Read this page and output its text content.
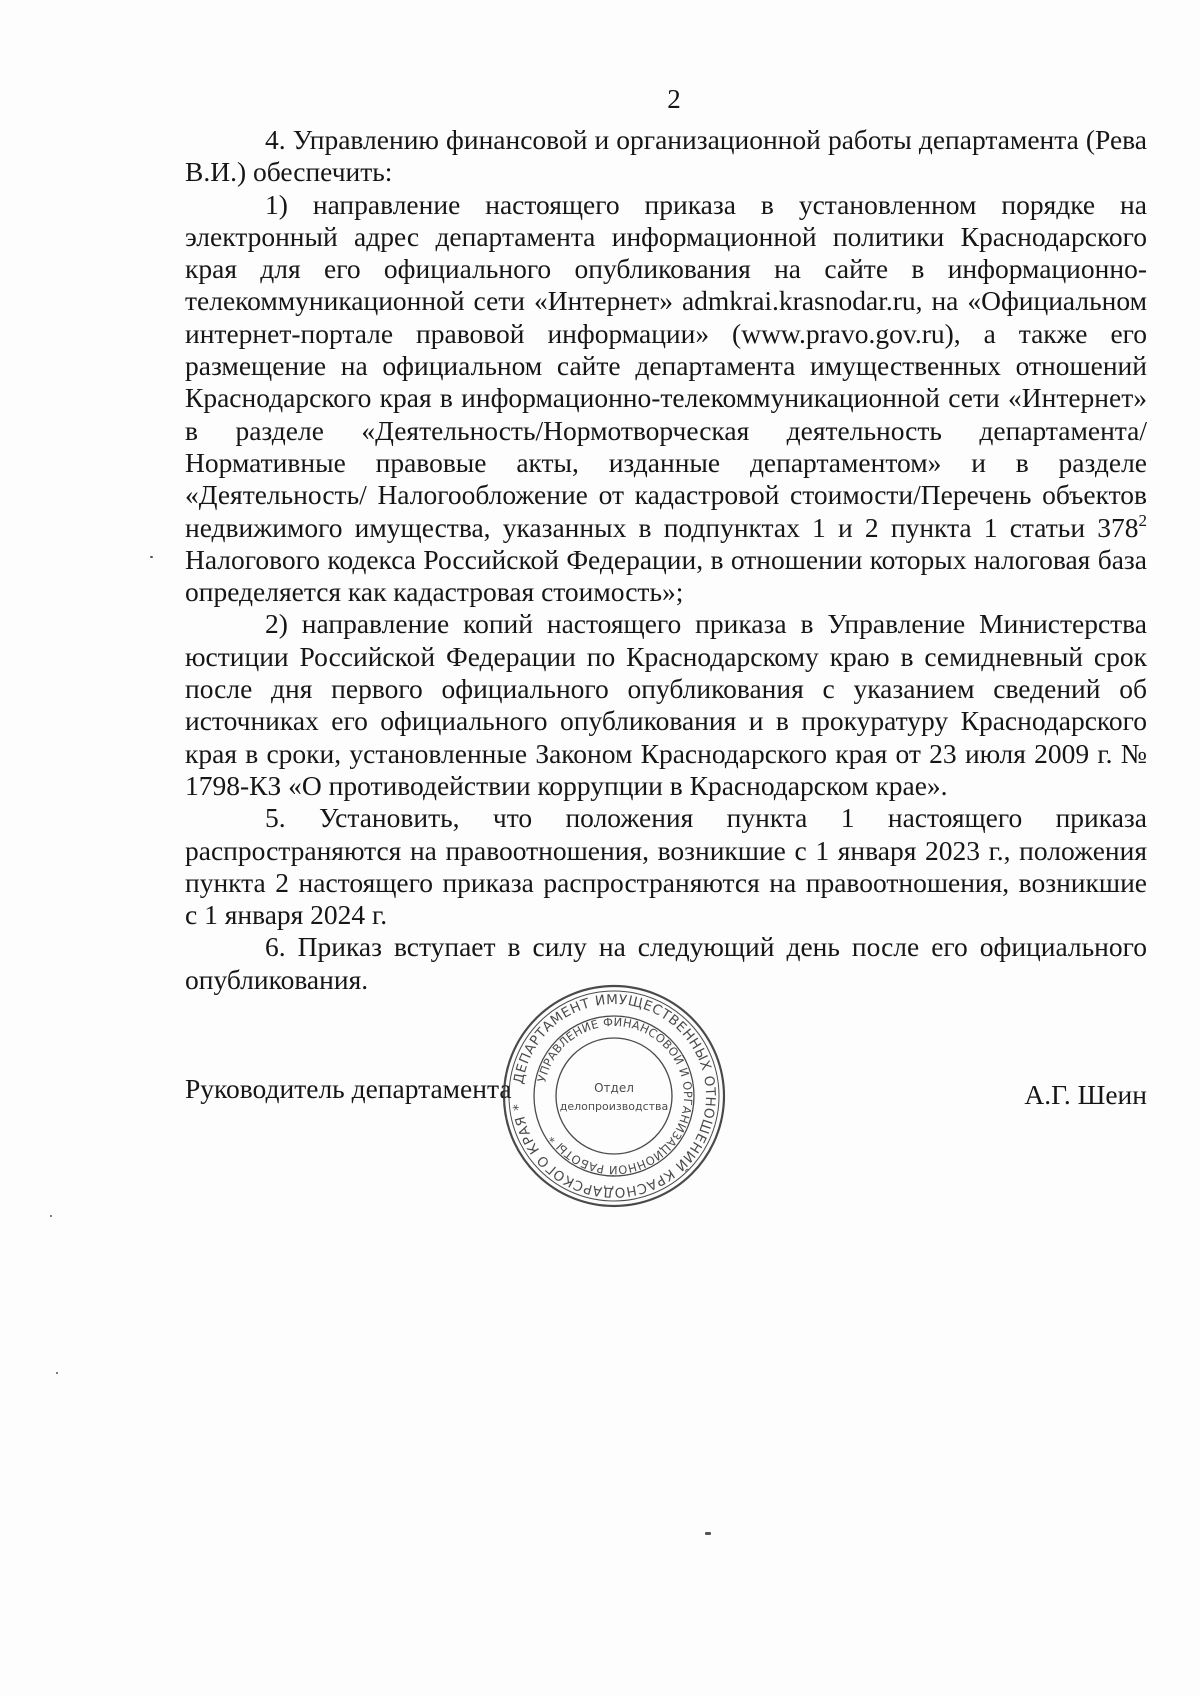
2

4. Управлению финансовой и организационной работы департамента (Рева В.И.) обеспечить:

1) направление настоящего приказа в установленном порядке на электронный адрес департамента информационной политики Краснодарского края для его официального опубликования на сайте в информационно-телекоммуникационной сети «Интернет» admkrai.krasnodar.ru, на «Официальном интернет-портале правовой информации» (www.pravo.gov.ru), а также его размещение на официальном сайте департамента имущественных отношений Краснодарского края в информационно-телекоммуникационной сети «Интернет» в разделе «Деятельность/Нормотворческая деятельность департамента/Нормативные правовые акты, изданные департаментом» и в разделе «Деятельность/ Налогообложение от кадастровой стоимости/Перечень объектов недвижимого имущества, указанных в подпунктах 1 и 2 пункта 1 статьи $378^2$ Налогового кодекса Российской Федерации, в отношении которых налоговая база определяется как кадастровая стоимость»;

2) направление копий настоящего приказа в Управление Министерства юстиции Российской Федерации по Краснодарскому краю в семидневный срок после дня первого официального опубликования с указанием сведений об источниках его официального опубликования и в прокуратуру Краснодарского края в сроки, установленные Законом Краснодарского края от 23 июля 2009 г. № 1798-КЗ «О противодействии коррупции в Краснодарском крае».

5. Установить, что положения пункта 1 настоящего приказа распространяются на правоотношения, возникшие с 1 января 2023 г., положения пункта 2 настоящего приказа распространяются на правоотношения, возникшие с 1 января 2024 г.

6. Приказ вступает в силу на следующий день после его официального опубликования.

Руководитель департамента	А.Г. Шеин
ДЕПАРТАМЕНТ ИМУЩЕСТВЕННЫХ ОТНОШЕНИЙ КРАСНОДАРСКОГО КРАЯ *
УПРАВЛЕНИЕ ФИНАНСОВОЙ И ОРГАНИЗАЦИОННОЙ РАБОТЫ *
Отдел
делопроизводства
